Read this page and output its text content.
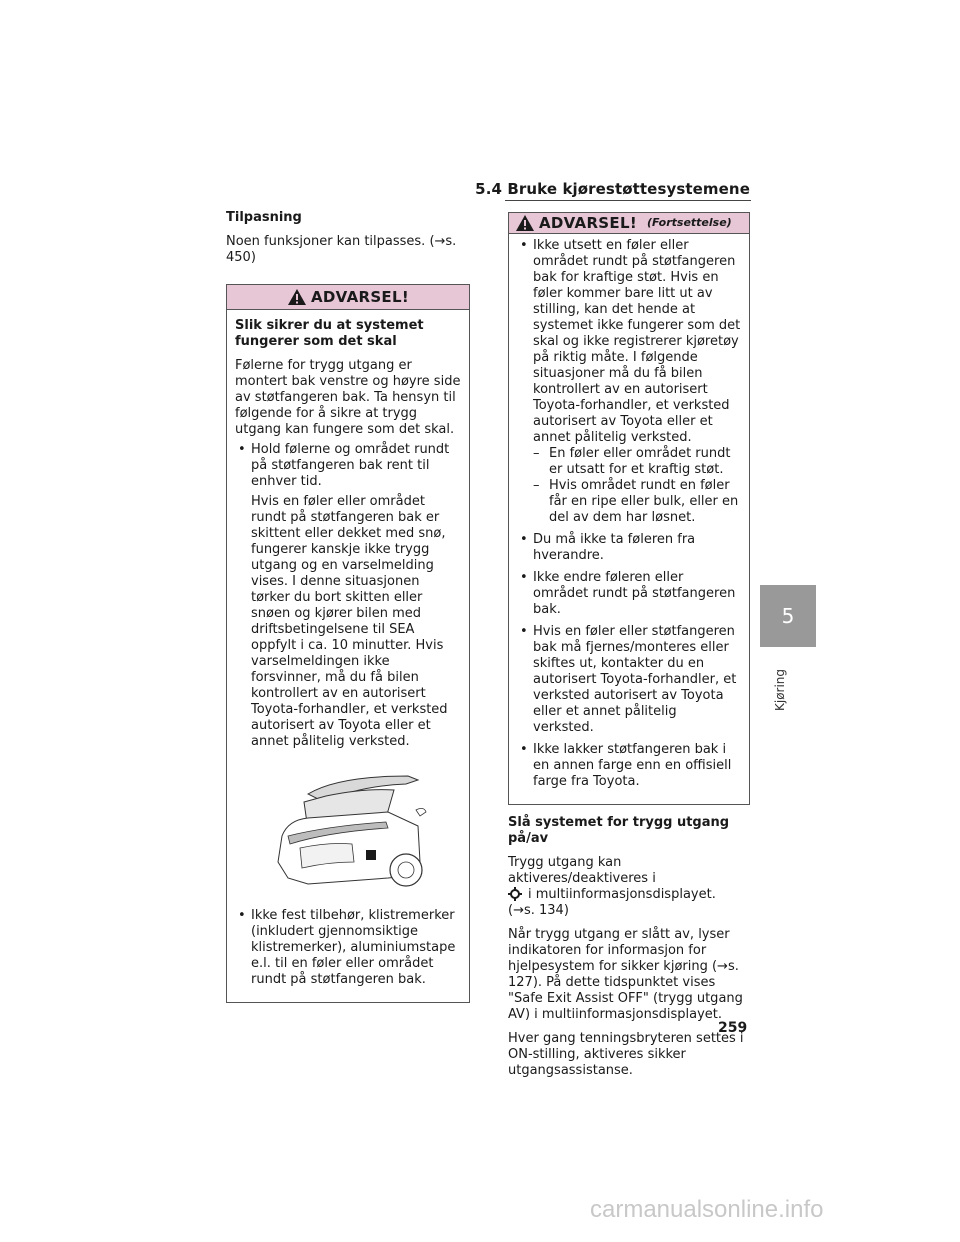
5.4 Bruke kjørestøttesystemene

Tilpasning

Noen funksjoner kan tilpasses. (→s. 450)

ADVARSEL!
Slik sikrer du at systemet fungerer som det skal

Følerne for trygg utgang er montert bak venstre og høyre side av støtfangeren bak. Ta hensyn til følgende for å sikre at trygg utgang kan fungere som det skal.

• Hold følerne og området rundt på støtfangeren bak rent til enhver tid.

Hvis en føler eller området rundt på støtfangeren bak er skittent eller dekket med snø, fungerer kanskje ikke trygg utgang og en varselmelding vises. I denne situasjonen tørker du bort skitten eller snøen og kjører bilen med driftsbetingelsene til SEA oppfylt i ca. 10 minutter. Hvis varselmeldingen ikke forsvinner, må du få bilen kontrollert av en autorisert Toyota-forhandler, et verksted autorisert av Toyota eller et annet pålitelig verksted.

• Ikke fest tilbehør, klistremerker (inkludert gjennomsiktige klistremerker), aluminiumstape e.l. til en føler eller området rundt på støtfangeren bak.
ADVARSEL! (Fortsettelse)
• Ikke utsett en føler eller området rundt på støtfangeren bak for kraftige støt. Hvis en føler kommer bare litt ut av stilling, kan det hende at systemet ikke fungerer som det skal og ikke registrerer kjøretøy på riktig måte. I følgende situasjoner må du få bilen kontrollert av en autorisert Toyota-forhandler, et verksted autorisert av Toyota eller et annet pålitelig verksted.
– En føler eller området rundt er utsatt for et kraftig støt.
– Hvis området rundt en føler får en ripe eller bulk, eller en del av dem har løsnet.
• Du må ikke ta føleren fra hverandre.
• Ikke endre føleren eller området rundt på støtfangeren bak.
• Hvis en føler eller støtfangeren bak må fjernes/monteres eller skiftes ut, kontakter du en autorisert Toyota-forhandler, et verksted autorisert av Toyota eller et annet pålitelig verksted.
• Ikke lakker støtfangeren bak i en annen farge enn en offisiell farge fra Toyota.

Slå systemet for trygg utgang på/av

Trygg utgang kan aktiveres/deaktiveres i
i multiinformasjonsdisplayet.
(→s. 134)

Når trygg utgang er slått av, lyser indikatoren for informasjon for hjelpesystem for sikker kjøring (→s. 127). På dette tidspunktet vises "Safe Exit Assist OFF" (trygg utgang AV) i multiinformasjonsdisplayet.

Hver gang tenningsbryteren settes i ON-stilling, aktiveres sikker utgangsassistanse.

5
Kjøring
259
carmanualsonline.info
